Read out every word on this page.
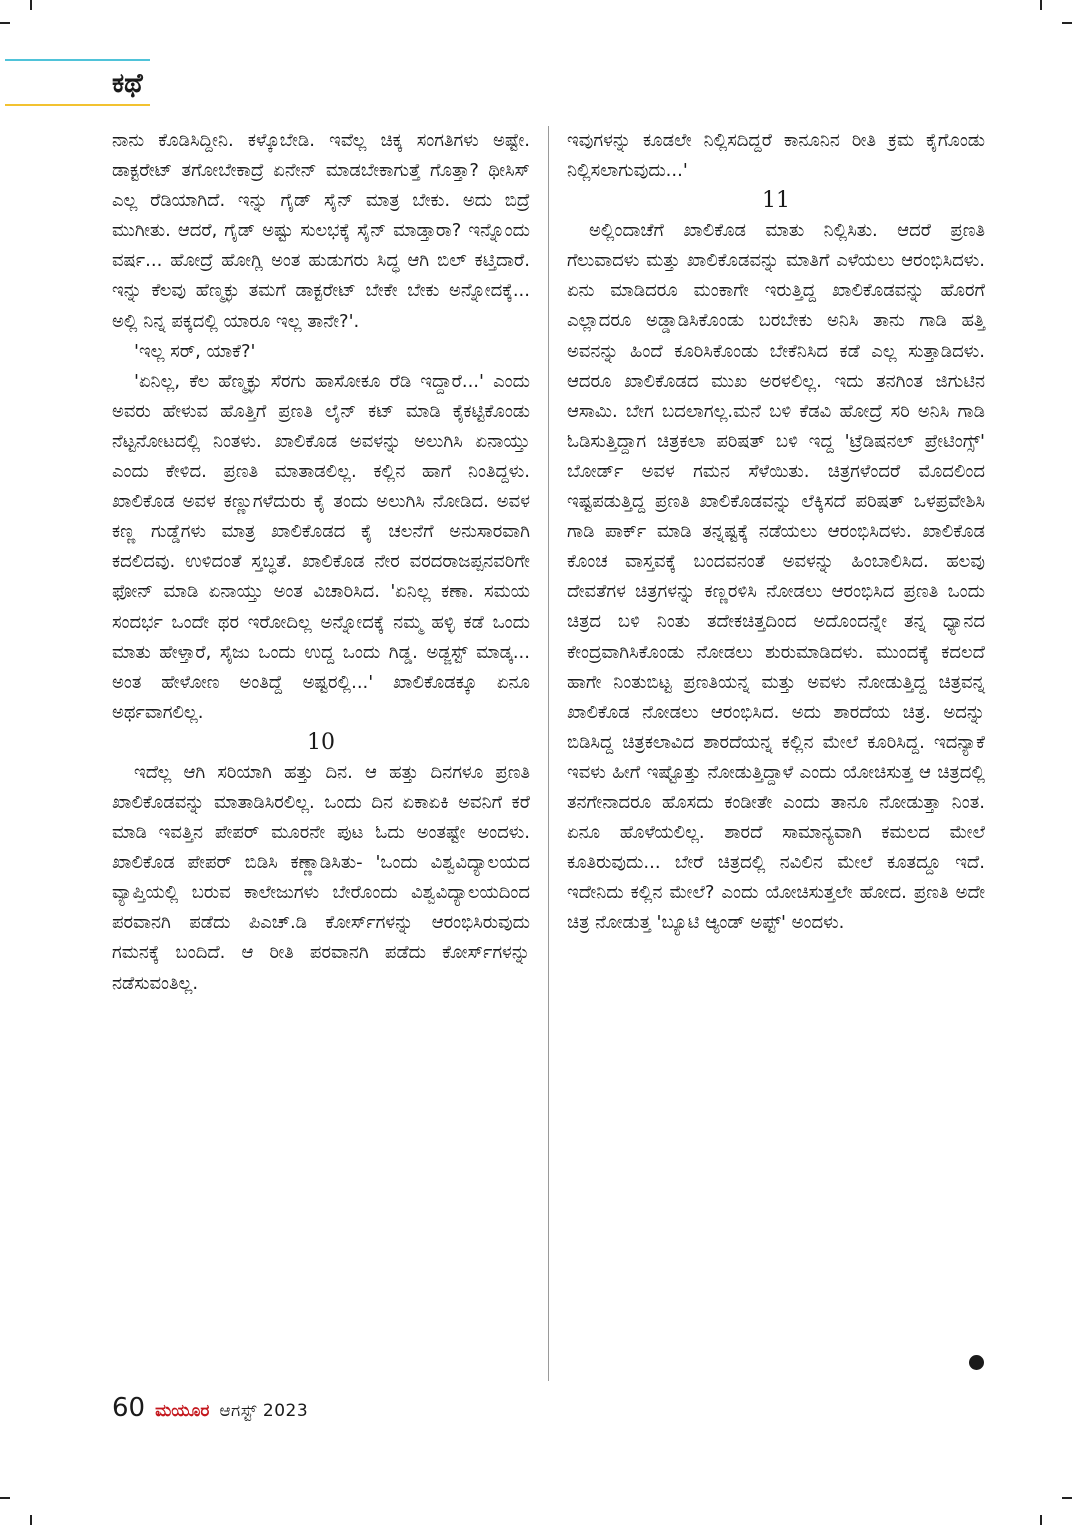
ಕಥೆ

ನಾನು ಕೊಡಿಸಿದ್ದೀನಿ. ಕಳ್ಕೊಬೇಡಿ. ಇವೆಲ್ಲ ಚಿಕ್ಕ ಸಂಗತಿಗಳು ಅಷ್ಟೇ. ಡಾಕ್ಟರೇಟ್ ತಗೋಬೇಕಾದ್ರೆ ಏನೇನ್ ಮಾಡಬೇಕಾಗುತ್ತೆ ಗೊತ್ತಾ? ಥೀಸಿಸ್ ಎಲ್ಲ ರೆಡಿಯಾಗಿದೆ. ಇನ್ನು ಗೈಡ್ ಸೈನ್ ಮಾತ್ರ ಬೇಕು. ಅದು ಬಿದ್ರೆ ಮುಗೀತು. ಆದರೆ, ಗೈಡ್ ಅಷ್ಟು ಸುಲಭಕ್ಕೆ ಸೈನ್ ಮಾಡ್ತಾರಾ? ಇನ್ನೊಂದು ವರ್ಷ... ಹೋದ್ರೆ ಹೋಗ್ಲಿ ಅಂತ ಹುಡುಗರು ಸಿದ್ಧ ಆಗಿ ಬಿಲ್ ಕಟ್ತಿದಾರೆ. ಇನ್ನು ಕೆಲವು ಹೆಣ್ಮಕ್ಳು ತಮಗೆ ಡಾಕ್ಟರೇಟ್ ಬೇಕೇ ಬೇಕು ಅನ್ನೋದಕ್ಕೆ... ಅಲ್ಲಿ ನಿನ್ನ ಪಕ್ಕದಲ್ಲಿ ಯಾರೂ ಇಲ್ಲ ತಾನೇ?'.

'ಇಲ್ಲ ಸರ್, ಯಾಕೆ?'

'ಏನಿಲ್ಲ, ಕೆಲ ಹೆಣ್ಮಕ್ಳು ಸೆರಗು ಹಾಸೋಕೂ ರೆಡಿ ಇದ್ದಾರೆ...' ಎಂದು ಅವರು ಹೇಳುವ ಹೊತ್ತಿಗೆ ಪ್ರಣತಿ ಲೈನ್ ಕಟ್ ಮಾಡಿ ಕೈಕಟ್ಟಿಕೊಂಡು ನೆಟ್ಟನೋಟದಲ್ಲಿ ನಿಂತಳು. ಖಾಲಿಕೊಡ ಅವಳನ್ನು ಅಲುಗಿಸಿ ಏನಾಯ್ತು ಎಂದು ಕೇಳಿದ. ಪ್ರಣತಿ ಮಾತಾಡಲಿಲ್ಲ. ಕಲ್ಲಿನ ಹಾಗೆ ನಿಂತಿದ್ದಳು. ಖಾಲಿಕೊಡ ಅವಳ ಕಣ್ಣುಗಳೆದುರು ಕೈ ತಂದು ಅಲುಗಿಸಿ ನೋಡಿದ. ಅವಳ ಕಣ್ಣ ಗುಡ್ಡೆಗಳು ಮಾತ್ರ ಖಾಲಿಕೊಡದ ಕೈ ಚಲನೆಗೆ ಅನುಸಾರವಾಗಿ ಕದಲಿದವು. ಉಳಿದಂತೆ ಸ್ತಬ್ಧತೆ. ಖಾಲಿಕೊಡ ನೇರ ವರದರಾಜಪ್ಪನವರಿಗೇ ಫೋನ್ ಮಾಡಿ ಏನಾಯ್ತು ಅಂತ ವಿಚಾರಿಸಿದ. 'ಏನಿಲ್ಲ ಕಣಾ. ಸಮಯ ಸಂದರ್ಭ ಒಂದೇ ಥರ ಇರೋದಿಲ್ಲ ಅನ್ನೋದಕ್ಕೆ ನಮ್ಮ ಹಳ್ಳಿ ಕಡೆ ಒಂದು ಮಾತು ಹೇಳ್ತಾರೆ, ಸೈಜು ಒಂದು ಉದ್ದ ಒಂದು ಗಿಡ್ಡ. ಅಡ್ಜಸ್ಟ್ ಮಾಡ್ಕ... ಅಂತ ಹೇಳೋಣ ಅಂತಿದ್ದೆ ಅಷ್ಟರಲ್ಲಿ...' ಖಾಲಿಕೊಡಕ್ಕೂ ಏನೂ ಅರ್ಥವಾಗಲಿಲ್ಲ.

10

ಇದೆಲ್ಲ ಆಗಿ ಸರಿಯಾಗಿ ಹತ್ತು ದಿನ. ಆ ಹತ್ತು ದಿನಗಳೂ ಪ್ರಣತಿ ಖಾಲಿಕೊಡವನ್ನು ಮಾತಾಡಿಸಿರಲಿಲ್ಲ. ಒಂದು ದಿನ ಏಕಾಏಕಿ ಅವನಿಗೆ ಕರೆ ಮಾಡಿ ಇವತ್ತಿನ ಪೇಪರ್ ಮೂರನೇ ಪುಟ ಓದು ಅಂತಷ್ಟೇ ಅಂದಳು. ಖಾಲಿಕೊಡ ಪೇಪರ್ ಬಿಡಿಸಿ ಕಣ್ಣಾಡಿಸಿತು- 'ಒಂದು ವಿಶ್ವವಿದ್ಯಾಲಯದ ವ್ಯಾಪ್ತಿಯಲ್ಲಿ ಬರುವ ಕಾಲೇಜುಗಳು ಬೇರೊಂದು ವಿಶ್ವವಿದ್ಯಾಲಯದಿಂದ ಪರವಾನಗಿ ಪಡೆದು ಪಿಎಚ್.ಡಿ ಕೋರ್ಸ್‌ಗಳನ್ನು ಆರಂಭಿಸಿರುವುದು ಗಮನಕ್ಕೆ ಬಂದಿದೆ. ಆ ರೀತಿ ಪರವಾನಗಿ ಪಡೆದು ಕೋರ್ಸ್‌ಗಳನ್ನು ನಡೆಸುವಂತಿಲ್ಲ.

ಇವುಗಳನ್ನು ಕೂಡಲೇ ನಿಲ್ಲಿಸದಿದ್ದರೆ ಕಾನೂನಿನ ರೀತಿ ಕ್ರಮ ಕೈಗೊಂಡು ನಿಲ್ಲಿಸಲಾಗುವುದು...'

11

ಅಲ್ಲಿಂದಾಚೆಗೆ ಖಾಲಿಕೊಡ ಮಾತು ನಿಲ್ಲಿಸಿತು. ಆದರೆ ಪ್ರಣತಿ ಗೆಲುವಾದಳು ಮತ್ತು ಖಾಲಿಕೊಡವನ್ನು ಮಾತಿಗೆ ಎಳೆಯಲು ಆರಂಭಿಸಿದಳು. ಏನು ಮಾಡಿದರೂ ಮಂಕಾಗೇ ಇರುತ್ತಿದ್ದ ಖಾಲಿಕೊಡವನ್ನು ಹೊರಗೆ ಎಲ್ಲಾದರೂ ಅಡ್ಡಾಡಿಸಿಕೊಂಡು ಬರಬೇಕು ಅನಿಸಿ ತಾನು ಗಾಡಿ ಹತ್ತಿ ಅವನನ್ನು ಹಿಂದೆ ಕೂರಿಸಿಕೊಂಡು ಬೇಕೆನಿಸಿದ ಕಡೆ ಎಲ್ಲ ಸುತ್ತಾಡಿದಳು. ಆದರೂ ಖಾಲಿಕೊಡದ ಮುಖ ಅರಳಲಿಲ್ಲ. ಇದು ತನಗಿಂತ ಜಿಗುಟಿನ ಆಸಾಮಿ. ಬೇಗ ಬದಲಾಗಲ್ಲ.ಮನೆ ಬಳಿ ಕೆಡವಿ ಹೋದ್ರೆ ಸರಿ ಅನಿಸಿ ಗಾಡಿ ಓಡಿಸುತ್ತಿದ್ದಾಗ ಚಿತ್ರಕಲಾ ಪರಿಷತ್ ಬಳಿ ಇದ್ದ 'ಟ್ರೆಡಿಷನಲ್ ಪ್ರೇಟಿಂಗ್ಸ್' ಬೋರ್ಡ್ ಅವಳ ಗಮನ ಸೆಳೆಯಿತು. ಚಿತ್ರಗಳೆಂದರೆ ಮೊದಲಿಂದ ಇಷ್ಟಪಡುತ್ತಿದ್ದ ಪ್ರಣತಿ ಖಾಲಿಕೊಡವನ್ನು ಲೆಕ್ಕಿಸದೆ ಪರಿಷತ್ ಒಳಪ್ರವೇಶಿಸಿ ಗಾಡಿ ಪಾರ್ಕ್ ಮಾಡಿ ತನ್ನಷ್ಟಕ್ಕೆ ನಡೆಯಲು ಆರಂಭಿಸಿದಳು. ಖಾಲಿಕೊಡ ಕೊಂಚ ವಾಸ್ತವಕ್ಕೆ ಬಂದವನಂತೆ ಅವಳನ್ನು ಹಿಂಬಾಲಿಸಿದ. ಹಲವು ದೇವತೆಗಳ ಚಿತ್ರಗಳನ್ನು ಕಣ್ಣರಳಿಸಿ ನೋಡಲು ಆರಂಭಿಸಿದ ಪ್ರಣತಿ ಒಂದು ಚಿತ್ರದ ಬಳಿ ನಿಂತು ತದೇಕಚಿತ್ತದಿಂದ ಅದೊಂದನ್ನೇ ತನ್ನ ಧ್ಯಾನದ ಕೇಂದ್ರವಾಗಿಸಿಕೊಂಡು ನೋಡಲು ಶುರುಮಾಡಿದಳು. ಮುಂದಕ್ಕೆ ಕದಲದೆ ಹಾಗೇ ನಿಂತುಬಿಟ್ಟ ಪ್ರಣತಿಯನ್ನ ಮತ್ತು ಅವಳು ನೋಡುತ್ತಿದ್ದ ಚಿತ್ರವನ್ನ ಖಾಲಿಕೊಡ ನೋಡಲು ಆರಂಭಿಸಿದ. ಅದು ಶಾರದೆಯ ಚಿತ್ರ. ಅದನ್ನು ಬಿಡಿಸಿದ್ದ ಚಿತ್ರಕಲಾವಿದ ಶಾರದೆಯನ್ನ ಕಲ್ಲಿನ ಮೇಲೆ ಕೂರಿಸಿದ್ದ. ಇದನ್ಯಾಕೆ ಇವಳು ಹೀಗೆ ಇಷ್ಟೊತ್ತು ನೋಡುತ್ತಿದ್ದಾಳೆ ಎಂದು ಯೋಚಿಸುತ್ತ ಆ ಚಿತ್ರದಲ್ಲಿ ತನಗೇನಾದರೂ ಹೊಸದು ಕಂಡೀತೇ ಎಂದು ತಾನೂ ನೋಡುತ್ತಾ ನಿಂತ. ಏನೂ ಹೊಳೆಯಲಿಲ್ಲ. ಶಾರದೆ ಸಾಮಾನ್ಯವಾಗಿ ಕಮಲದ ಮೇಲೆ ಕೂತಿರುವುದು... ಬೇರೆ ಚಿತ್ರದಲ್ಲಿ ನವಿಲಿನ ಮೇಲೆ ಕೂತದ್ದೂ ಇದೆ. ಇದೇನಿದು ಕಲ್ಲಿನ ಮೇಲೆ? ಎಂದು ಯೋಚಿಸುತ್ತಲೇ ಹೋದ. ಪ್ರಣತಿ ಅದೇ ಚಿತ್ರ ನೋಡುತ್ತ 'ಬ್ಯೂಟಿ ಆ್ಯಂಡ್ ಅಪ್ಟ್' ಅಂದಳು.

60 ಮಯೂರ ಆಗಸ್ಟ್ 2023
